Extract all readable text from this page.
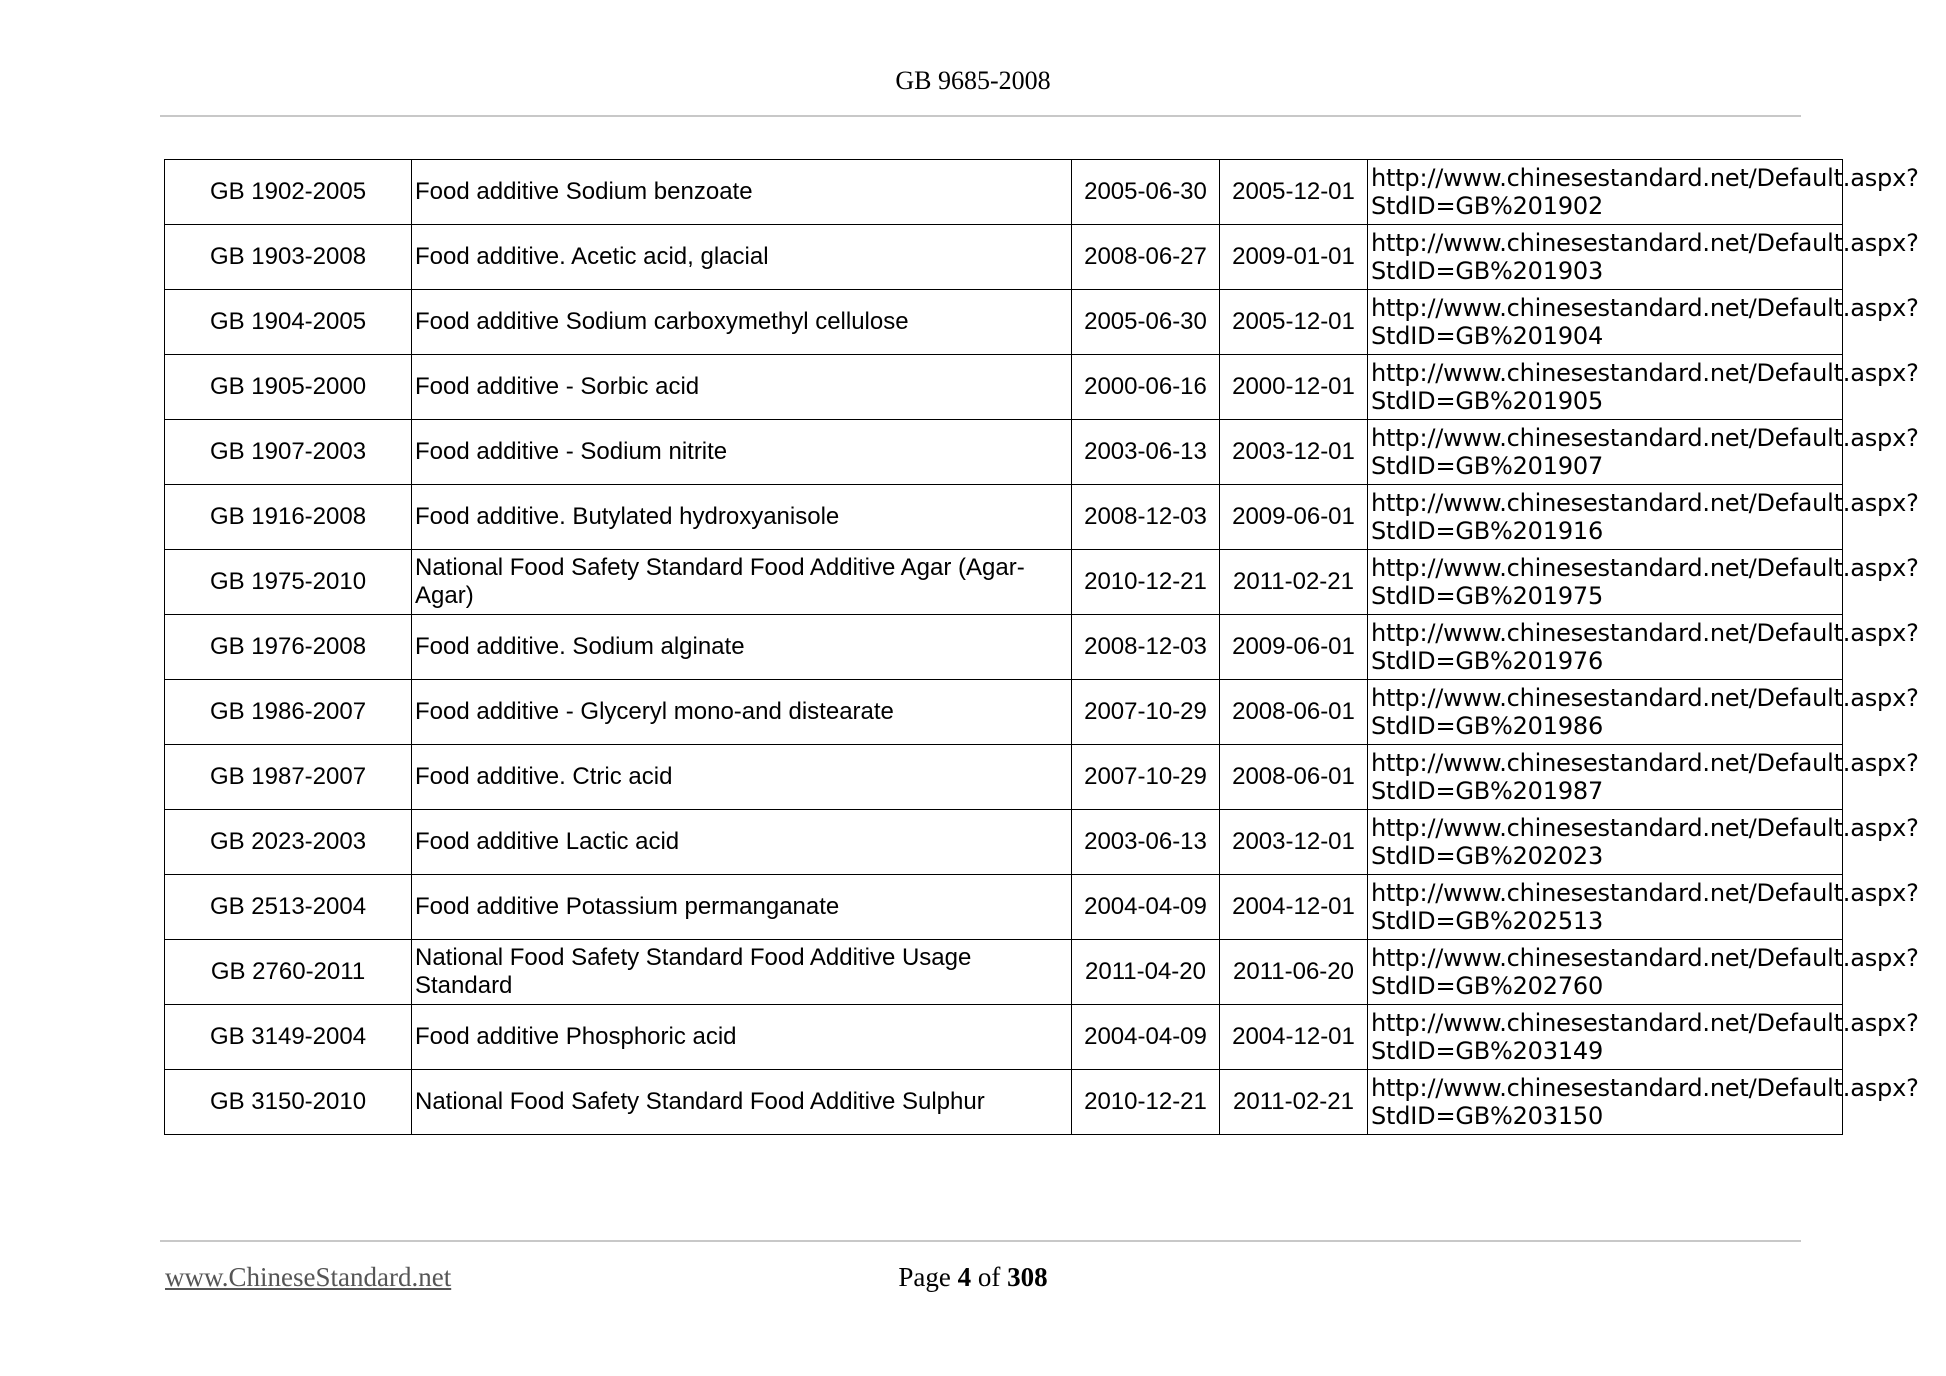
GB 9685-2008
GB 1902-2005	Food additive Sodium benzoate	2005-06-30	2005-12-01	http://www.chinesestandard.net/Default.aspx?StdID=GB%201902
GB 1903-2008	Food additive. Acetic acid, glacial	2008-06-27	2009-01-01	http://www.chinesestandard.net/Default.aspx?StdID=GB%201903
GB 1904-2005	Food additive Sodium carboxymethyl cellulose	2005-06-30	2005-12-01	http://www.chinesestandard.net/Default.aspx?StdID=GB%201904
GB 1905-2000	Food additive - Sorbic acid	2000-06-16	2000-12-01	http://www.chinesestandard.net/Default.aspx?StdID=GB%201905
GB 1907-2003	Food additive - Sodium nitrite	2003-06-13	2003-12-01	http://www.chinesestandard.net/Default.aspx?StdID=GB%201907
GB 1916-2008	Food additive. Butylated hydroxyanisole	2008-12-03	2009-06-01	http://www.chinesestandard.net/Default.aspx?StdID=GB%201916
GB 1975-2010	National Food Safety Standard Food Additive Agar (Agar-Agar)	2010-12-21	2011-02-21	http://www.chinesestandard.net/Default.aspx?StdID=GB%201975
GB 1976-2008	Food additive. Sodium alginate	2008-12-03	2009-06-01	http://www.chinesestandard.net/Default.aspx?StdID=GB%201976
GB 1986-2007	Food additive - Glyceryl mono-and distearate	2007-10-29	2008-06-01	http://www.chinesestandard.net/Default.aspx?StdID=GB%201986
GB 1987-2007	Food additive. Ctric acid	2007-10-29	2008-06-01	http://www.chinesestandard.net/Default.aspx?StdID=GB%201987
GB 2023-2003	Food additive Lactic acid	2003-06-13	2003-12-01	http://www.chinesestandard.net/Default.aspx?StdID=GB%202023
GB 2513-2004	Food additive Potassium permanganate	2004-04-09	2004-12-01	http://www.chinesestandard.net/Default.aspx?StdID=GB%202513
GB 2760-2011	National Food Safety Standard Food Additive Usage Standard	2011-04-20	2011-06-20	http://www.chinesestandard.net/Default.aspx?StdID=GB%202760
GB 3149-2004	Food additive Phosphoric acid	2004-04-09	2004-12-01	http://www.chinesestandard.net/Default.aspx?StdID=GB%203149
GB 3150-2010	National Food Safety Standard Food Additive Sulphur	2010-12-21	2011-02-21	http://www.chinesestandard.net/Default.aspx?StdID=GB%203150
www.ChineseStandard.net	Page 4 of 308
